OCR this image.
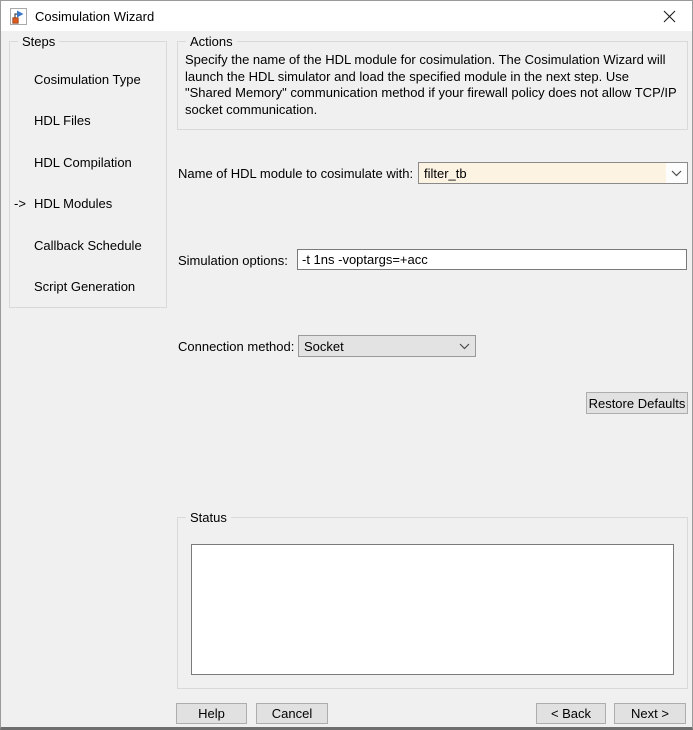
Cosimulation Wizard
Steps
Cosimulation Type
HDL Files
HDL Compilation
-> HDL Modules
Callback Schedule
Script Generation
Actions
Specify the name of the HDL module for cosimulation. The Cosimulation Wizard will launch the HDL simulator and load the specified module in the next step. Use "Shared Memory" communication method if your firewall policy does not allow TCP/IP socket communication.
Name of HDL module to cosimulate with: filter_tb
Simulation options:
-t 1ns -voptargs=+acc
Connection method: Socket
Restore Defaults
Status
Help	Cancel	< Back	Next >
